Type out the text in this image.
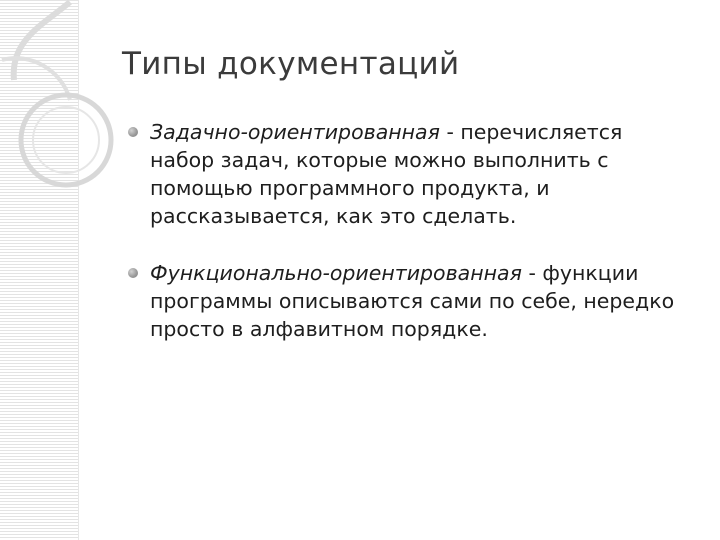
Типы документаций
Задачно-ориентированная - перечисляется набор задач, которые можно выполнить с помощью программного продукта, и рассказывается, как это сделать.
Функционально-ориентированная - функции программы описываются сами по себе, нередко просто в алфавитном порядке.
